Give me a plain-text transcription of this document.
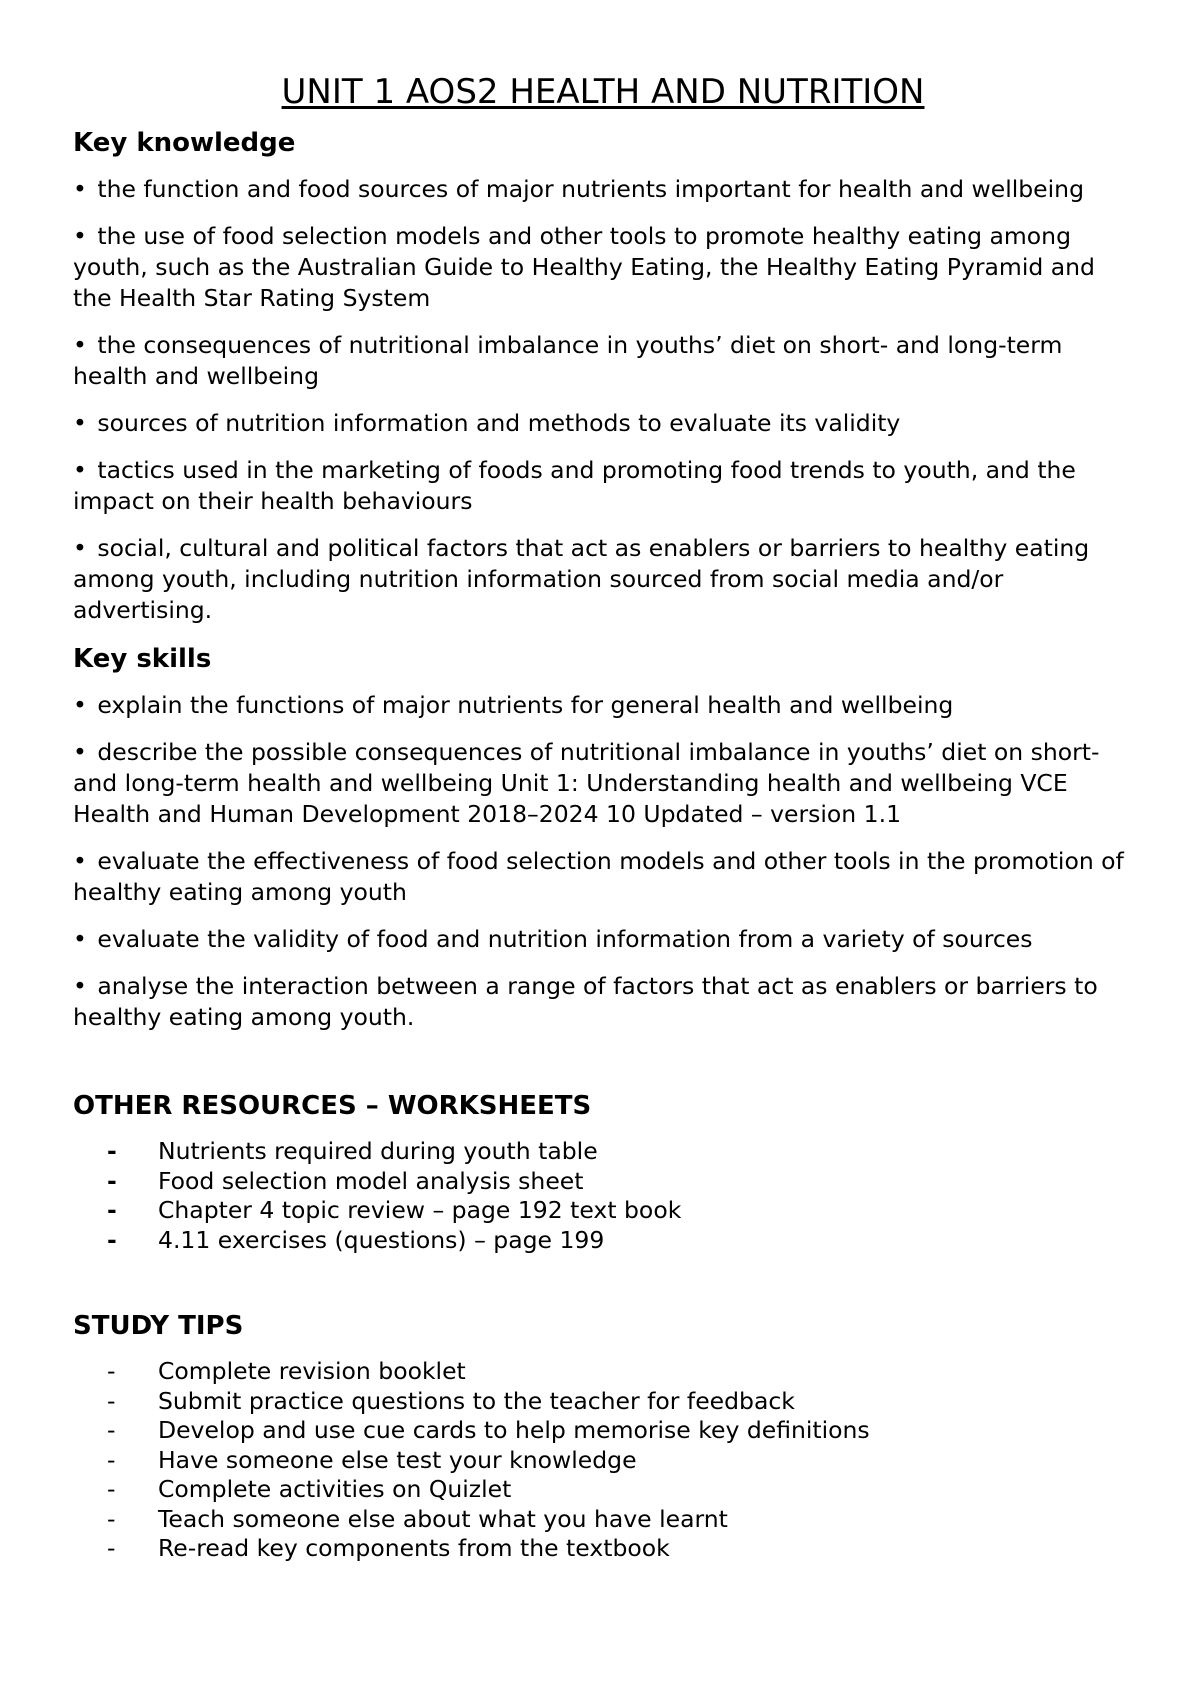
UNIT 1 AOS2 HEALTH AND NUTRITION
Key knowledge

• the function and food sources of major nutrients important for health and wellbeing

• the use of food selection models and other tools to promote healthy eating among youth, such as the Australian Guide to Healthy Eating, the Healthy Eating Pyramid and the Health Star Rating System

• the consequences of nutritional imbalance in youths’ diet on short- and long-term health and wellbeing

• sources of nutrition information and methods to evaluate its validity

• tactics used in the marketing of foods and promoting food trends to youth, and the impact on their health behaviours

• social, cultural and political factors that act as enablers or barriers to healthy eating among youth, including nutrition information sourced from social media and/or advertising.

Key skills

• explain the functions of major nutrients for general health and wellbeing

• describe the possible consequences of nutritional imbalance in youths’ diet on short- and long-term health and wellbeing Unit 1: Understanding health and wellbeing VCE Health and Human Development 2018–2024 10 Updated – version 1.1

• evaluate the effectiveness of food selection models and other tools in the promotion of healthy eating among youth

• evaluate the validity of food and nutrition information from a variety of sources

• analyse the interaction between a range of factors that act as enablers or barriers to healthy eating among youth.

OTHER RESOURCES – WORKSHEETS
-	Nutrients required during youth table
-	Food selection model analysis sheet
-	Chapter 4 topic review – page 192 text book
-	4.11 exercises (questions) – page 199
STUDY TIPS
-	Complete revision booklet
-	Submit practice questions to the teacher for feedback
-	Develop and use cue cards to help memorise key definitions
-	Have someone else test your knowledge
-	Complete activities on Quizlet
-	Teach someone else about what you have learnt
-	Re-read key components from the textbook
